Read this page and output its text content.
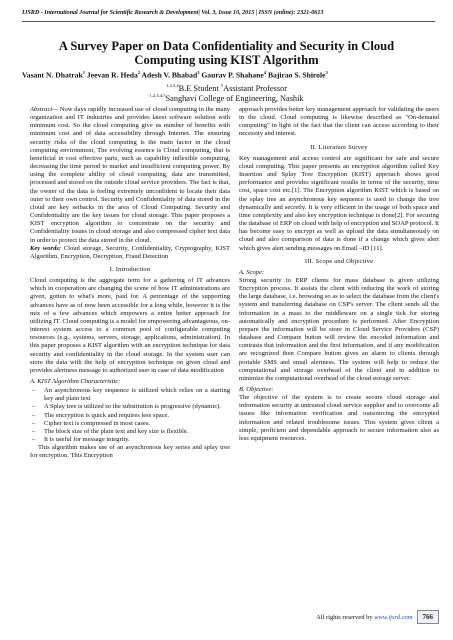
IJSRD - International Journal for Scientific Research & Development| Vol. 3, Issue 10, 2015 | ISSN (online): 2321-0613
A Survey Paper on Data Confidentiality and Security in Cloud
Computing using KIST Algorithm
Vasant N. Dhatrak$^1$ Jeevan R. Heda$^2$ Adesh V. Bhabad$^3$ Gaurav P. Shahane$^4$ Bajirao S. Shirole$^5$
$^{1,2,3,4}$B.E Student $^5$Assistant Professor
$^{1,2,3,4,5}$Sanghavi College of Engineering, Nashik

Abstract— Now days rapidly increased use of cloud computing in the many organization and IT industries and provides latest software solution with minimum cost. So the cloud computing give us number of benefits with minimum cost and of data accessibility through Internet. The ensuring security risks of the cloud computing is the main factor in the cloud computing environment, The evolving essence is Cloud computing, that is beneficial in cost effective parts, such as capability inflexible computing, decreasing the time period to market and insufficient computing power. By using the complete ability of cloud computing, data are transmitted, processed and stored on the outside cloud service providers. The fact is that, the owner of the data is feeling extremely unconfident to locate their data outer to their own control. Security and Confidentiality of data stored in the cloud are key setbacks in the area of Cloud Computing. Security and Confidentiality are the key issues for cloud storage. This paper proposes a KIST encryption algorithm to concentrate on the security and Confidentiality issues in cloud storage and also compressed cipher text data in order to protect the data stored in the cloud.

Key words: Cloud storage, Security, Confidentiality, Cryptography, KIST Algorithm, Encryption, Decryption, Fraud Detection

I. Introduction

Cloud computing is the aggregate term for a gathering of IT advances which in cooperation are changing the scene of how IT administrations are given, gotten to what's more, paid for. A percentage of the supporting advances have as of now been accessible for a long while, however it is the mix of a few advances which empowers a entire better approach for utilizing IT. Cloud computing is a model for empowering advantageous, on-interest system access to a common pool of configurable computing resources (e.g., systems, servers, storage, applications, administration). In this paper proposes a KIST algorithm with an encryption technique for data security and confidentiality in the cloud storage. In the system user can store the data with the help of encryption technique on given cloud and provides alertness message to authorized user in case of data modification

A. KIST Algorithm Characteristic:
– An asynchronous key sequence is utilized which relies on a starting key and plain text
– A Splay tree is utilized so the substitution is progressive (dynamic).
– The encryption is quick and requires less space.
– Cipher text is compressed in most cases.
– The block size of the plain text and key size is flexible.
– It is useful for message integrity.

This algorithm makes use of an asynchronous key series and splay tree for encryption. This Encryption

approach provides better key management approach for validating the users in the cloud. Cloud computing is likewise described as "On-demand computing" in light of the fact that the client can access according to their necessity and interest.

II. Literature Survey

Key management and access control are significant for safe and secure cloud computing. This paper presents an encryption algorithm called Key Insertion and Splay Tree Encryption (KIST) approach shows good performance and provides significant results in terms of the security, time cost, space cost etc.[1]. The Encryption algorithm KIST which is based on the splay tree an asynchronous key sequence is used to change the tree dynamically and secretly. It is very efficient in the usage of both space and time complexity and also key encryption technique is done[2]. For securing the database of ERP on cloud with help of encryption and SOAP protocol. It has become easy to encrypt as well as upload the data simultaneously on cloud and also comparison of data is done if a change which gives alert which gives alert sending messages on Email –ID [11].

III. Scope and Objective
A. Scope:

Strong security to ERP clients for mass database is given utilizing Encryption process. It assists the client with reducing the work of storing the large database, i.e. browsing so as to select the database from the client's system and transferring database on CSP's server. The client sends all the information in a mass to the middleware on a single tick for storing automatically and encryption procedure is performed. After Encryption prepare the information will be store in Cloud Service Providers (CSP) database and Compare button will review the encoded information and contrasts that information and the first information, and if any modification are recognized then Compare button gives an alarm to clients through portable SMS and email alertness. The system will help to reduce the computational and storage overhead of the client and in addition to minimize the computational overhead of the cloud storage server.

B. Objective:

The objective of the system is to create secure cloud storage and information security at untrusted cloud service supplier and to overcome all issues like information verification and outsourcing the encrypted information and related troublesome issues. This system gives client a simple, proficient and dependable approach to secure information also as less equipment resources.

All rights reserved by www.ijsrd.com	766
